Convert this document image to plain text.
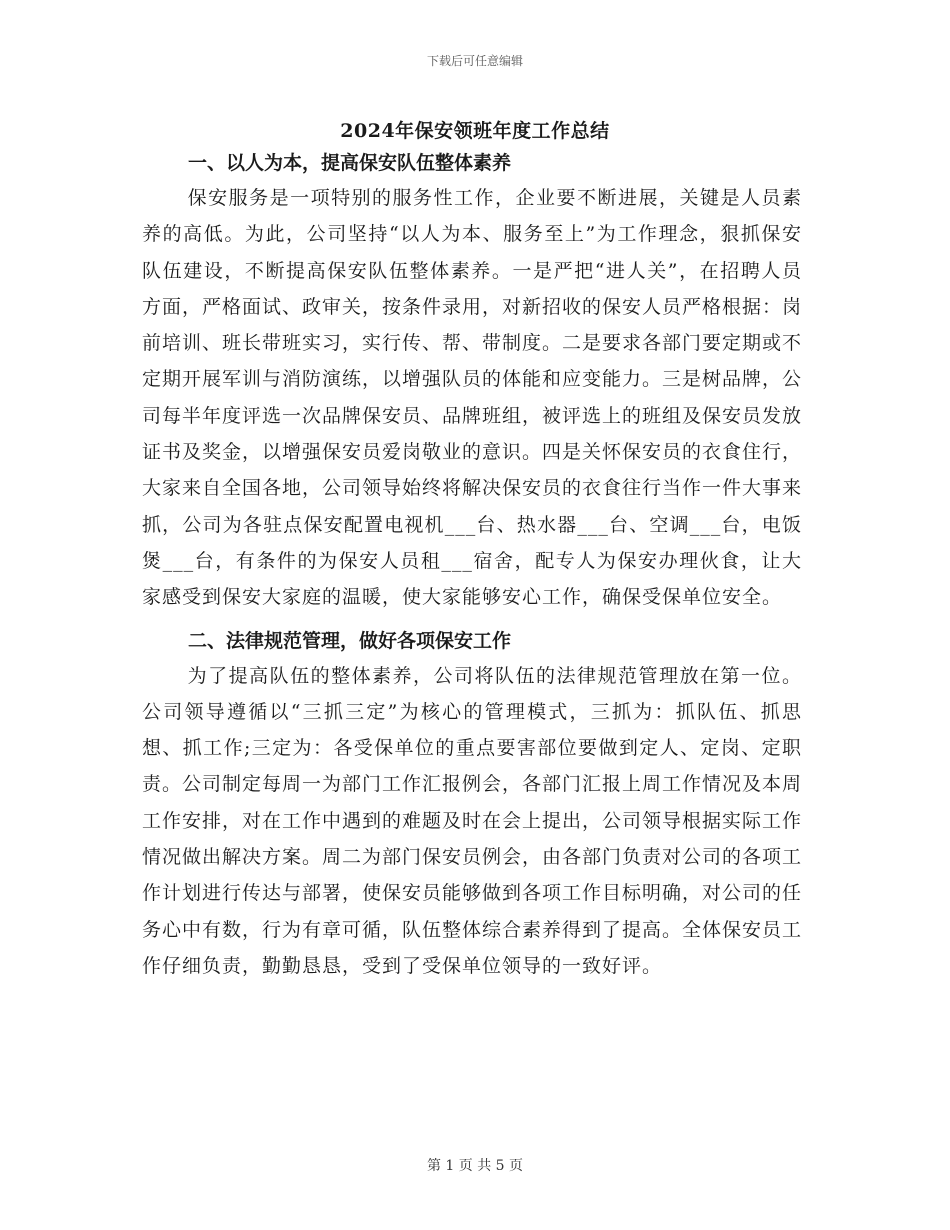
下载后可任意编辑
2024年保安领班年度工作总结

一、以人为本，提高保安队伍整体素养

保安服务是一项特别的服务性工作，企业要不断进展，关键是人员素养的高低。为此，公司坚持“以人为本、服务至上”为工作理念，狠抓保安队伍建设，不断提高保安队伍整体素养。一是严把“进人关”，在招聘人员方面，严格面试、政审关，按条件录用，对新招收的保安人员严格根据：岗前培训、班长带班实习，实行传、帮、带制度。二是要求各部门要定期或不定期开展军训与消防演练，以增强队员的体能和应变能力。三是树品牌，公司每半年度评选一次品牌保安员、品牌班组，被评选上的班组及保安员发放证书及奖金，以增强保安员爱岗敬业的意识。四是关怀保安员的衣食住行，大家来自全国各地，公司领导始终将解决保安员的衣食往行当作一件大事来抓，公司为各驻点保安配置电视机___台、热水器___台、空调___台，电饭煲___台，有条件的为保安人员租___宿舍，配专人为保安办理伙食，让大家感受到保安大家庭的温暖，使大家能够安心工作，确保受保单位安全。

二、法律规范管理，做好各项保安工作

为了提高队伍的整体素养，公司将队伍的法律规范管理放在第一位。公司领导遵循以“三抓三定”为核心的管理模式，三抓为：抓队伍、抓思想、抓工作;三定为：各受保单位的重点要害部位要做到定人、定岗、定职责。公司制定每周一为部门工作汇报例会，各部门汇报上周工作情况及本周工作安排，对在工作中遇到的难题及时在会上提出，公司领导根据实际工作情况做出解决方案。周二为部门保安员例会，由各部门负责对公司的各项工作计划进行传达与部署，使保安员能够做到各项工作目标明确，对公司的任务心中有数，行为有章可循，队伍整体综合素养得到了提高。全体保安员工作仔细负责，勤勤恳恳，受到了受保单位领导的一致好评。

第 1 页 共 5 页
